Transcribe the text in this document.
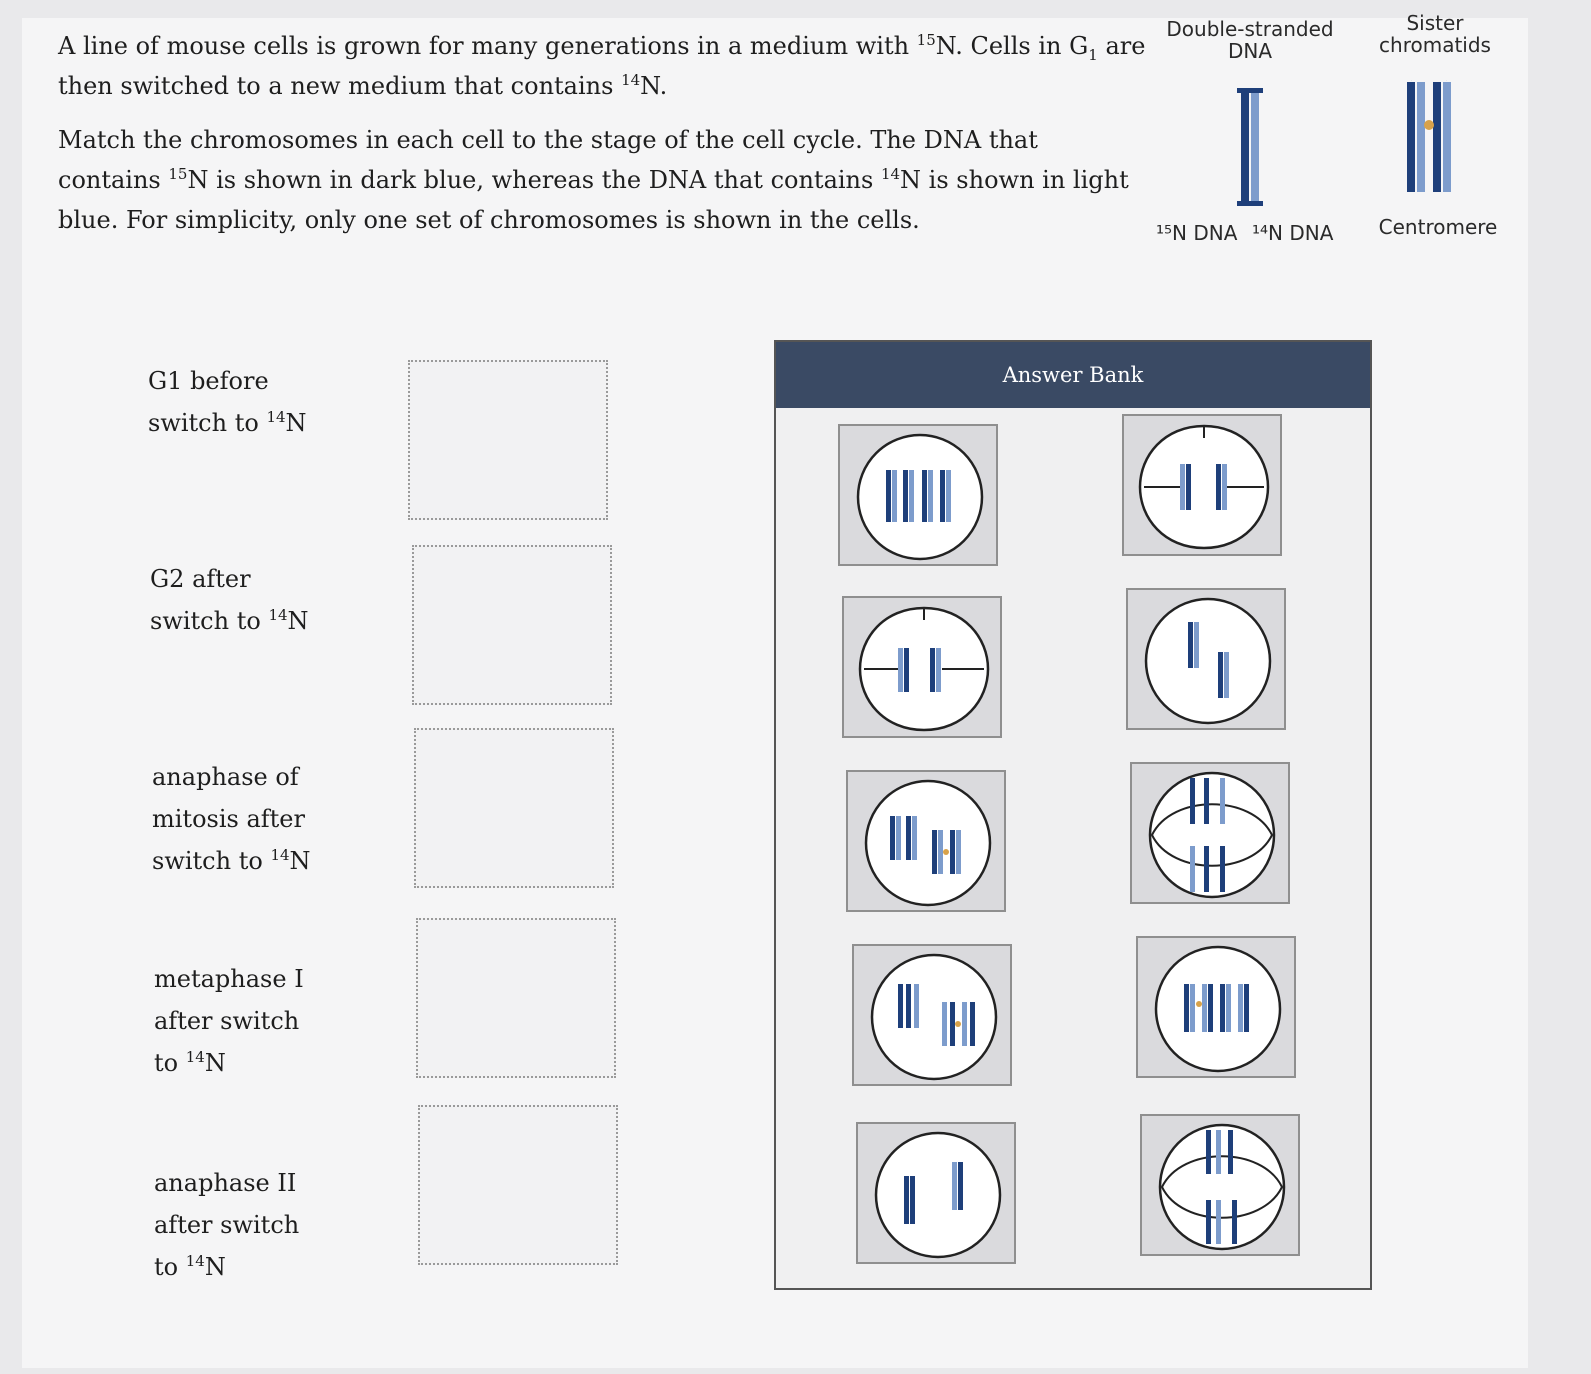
A line of mouse cells is grown for many generations in a medium with $^{15}$N. Cells in $G_1$ are then switched to a new medium that contains $^{14}$N.

Match the chromosomes in each cell to the stage of the cell cycle. The DNA that contains $^{15}$N is shown in dark blue, whereas the DNA that contains $^{14}$N is shown in light blue. For simplicity, only one set of chromosomes is shown in the cells.

Double-stranded DNA
Sister chromatids
¹⁵N DNA ¹⁴N DNA	Centromere
G1 before
switch to $^{14}$N
G2 after
switch to $^{14}$N
anaphase of
mitosis after
switch to $^{14}$N
metaphase I
after switch
to $^{14}$N
anaphase II
after switch
to $^{14}$N
Answer Bank
